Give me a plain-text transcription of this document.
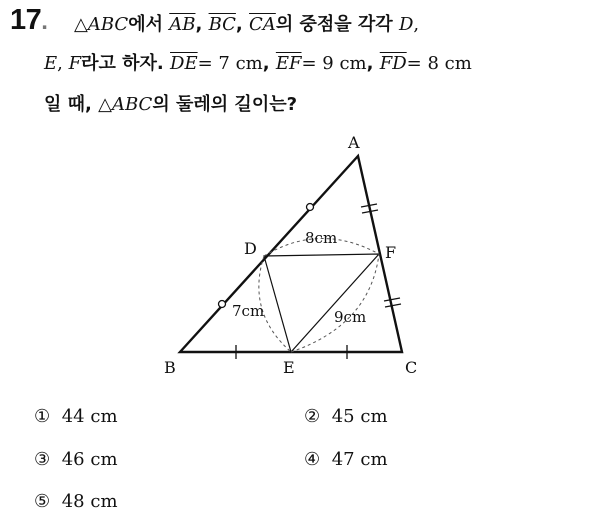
17. △ABC에서 $\overline{AB}$, $\overline{BC}$, $\overline{CA}$의 중점을 각각 D,
E, F라고 하자. $\overline{DE}= 7$ cm, $\overline{EF}= 9$ cm, $\overline{FD}= 8$ cm
일 때, △ABC의 둘레의 길이는?
A
B	C
D
E
F
8cm
7cm	9cm
① 44 cm	② 45 cm
③ 46 cm	④ 47 cm
⑤ 48 cm
